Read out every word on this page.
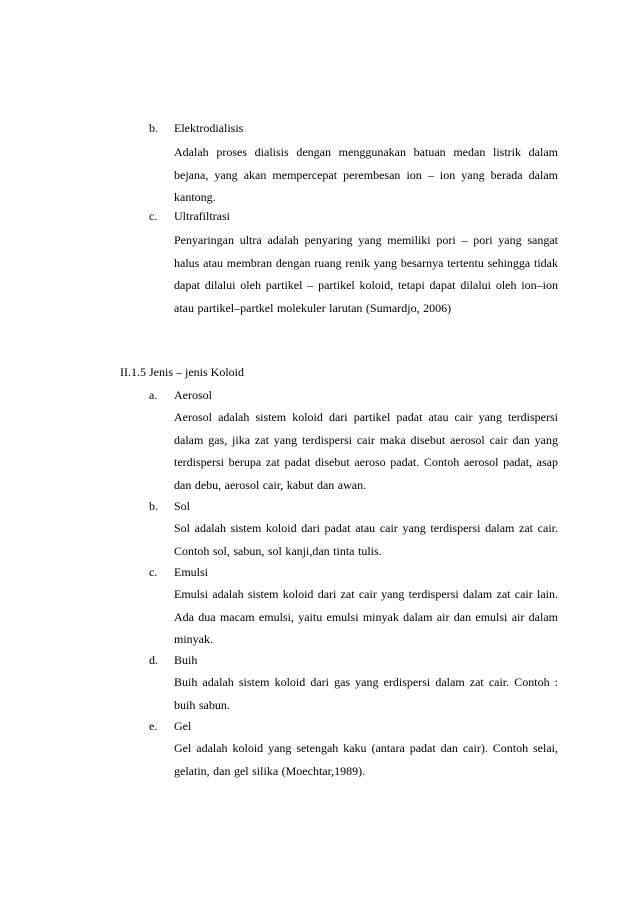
b. Elektrodialisis
Adalah proses dialisis dengan menggunakan batuan medan listrik dalam bejana, yang akan mempercepat perembesan ion – ion yang berada dalam kantong.
c. Ultrafiltrasi
Penyaringan ultra adalah penyaring yang memiliki pori – pori yang sangat halus atau membran dengan ruang renik yang besarnya tertentu sehingga tidak dapat dilalui oleh partikel – partikel koloid, tetapi dapat dilalui oleh ion–ion atau partikel–partkel molekuler larutan (Sumardjo, 2006)
II.1.5 Jenis – jenis Koloid
a. Aerosol
Aerosol adalah sistem koloid dari partikel padat atau cair yang terdispersi dalam gas, jika zat yang terdispersi cair maka disebut aerosol cair dan yang terdispersi berupa zat padat disebut aeroso padat. Contoh aerosol padat, asap dan debu, aerosol cair, kabut dan awan.
b. Sol
Sol adalah sistem koloid dari padat atau cair yang terdispersi dalam zat cair. Contoh sol, sabun, sol kanji,dan tinta tulis.
c. Emulsi
Emulsi adalah sistem koloid dari zat cair yang terdispersi dalam zat cair lain. Ada dua macam emulsi, yaitu emulsi minyak dalam air dan emulsi air dalam minyak.
d. Buih
Buih adalah sistem koloid dari gas yang erdispersi dalam zat cair. Contoh : buih sabun.
e. Gel
Gel adalah koloid yang setengah kaku (antara padat dan cair). Contoh selai, gelatin, dan gel silika (Moechtar,1989).
